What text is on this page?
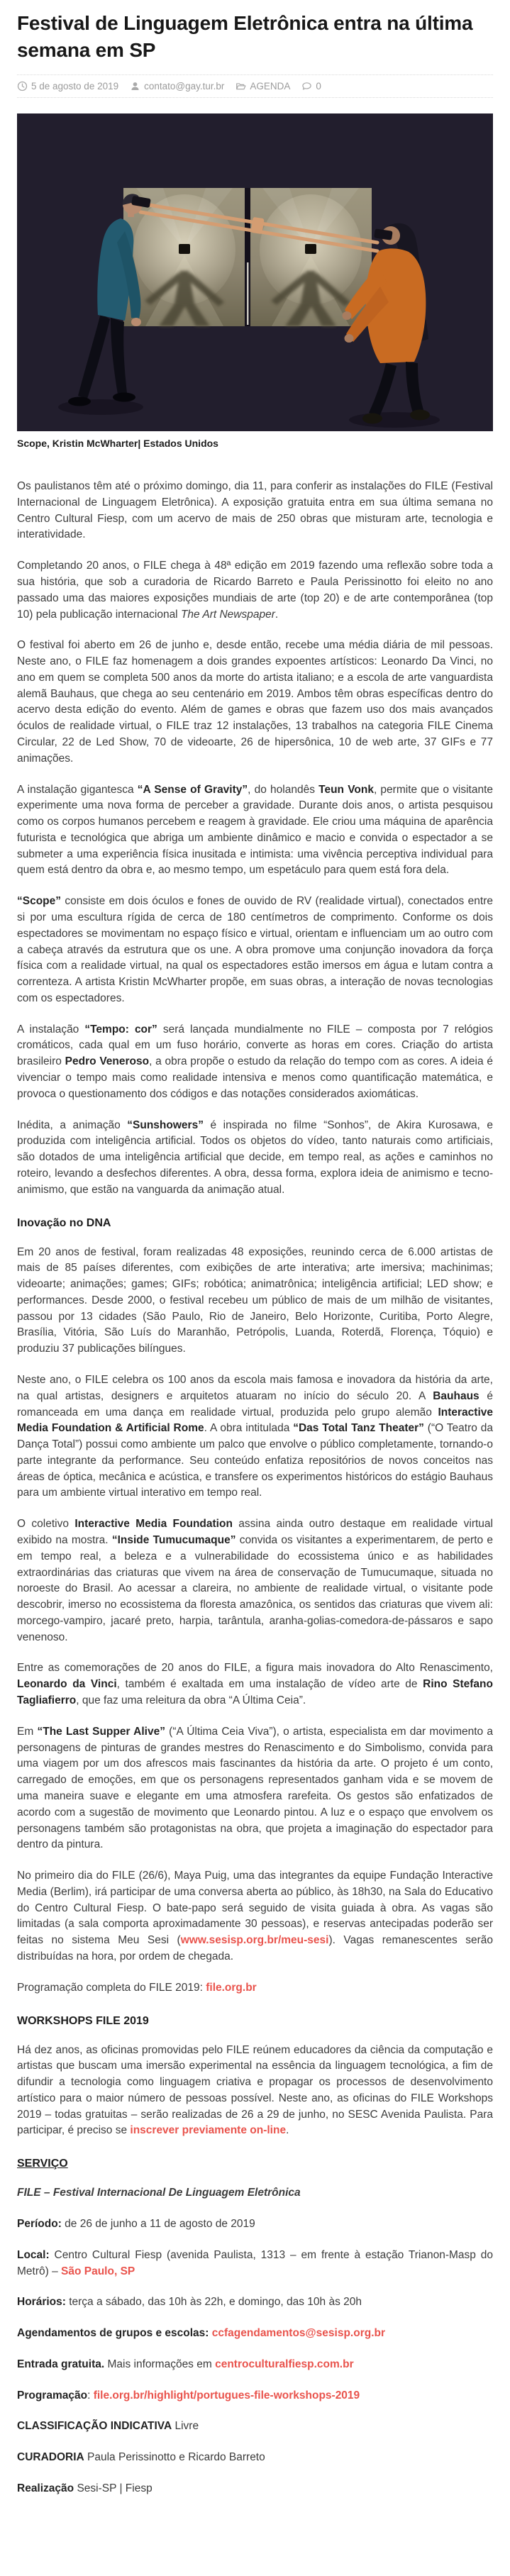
Festival de Linguagem Eletrônica entra na última semana em SP
5 de agosto de 2019	contato@gay.tur.br	AGENDA	0
Scope, Kristin McWharter| Estados Unidos

Os paulistanos têm até o próximo domingo, dia 11, para conferir as instalações do FILE (Festival Internacional de Linguagem Eletrônica). A exposição gratuita entra em sua última semana no Centro Cultural Fiesp, com um acervo de mais de 250 obras que misturam arte, tecnologia e interatividade.

Completando 20 anos, o FILE chega à 48ª edição em 2019 fazendo uma reflexão sobre toda a sua história, que sob a curadoria de Ricardo Barreto e Paula Perissinotto foi eleito no ano passado uma das maiores exposições mundiais de arte (top 20) e de arte contemporânea (top 10) pela publicação internacional The Art Newspaper.

O festival foi aberto em 26 de junho e, desde então, recebe uma média diária de mil pessoas. Neste ano, o FILE faz homenagem a dois grandes expoentes artísticos: Leonardo Da Vinci, no ano em quem se completa 500 anos da morte do artista italiano; e a escola de arte vanguardista alemã Bauhaus, que chega ao seu centenário em 2019. Ambos têm obras específicas dentro do acervo desta edição do evento. Além de games e obras que fazem uso dos mais avançados óculos de realidade virtual, o FILE traz 12 instalações, 13 trabalhos na categoria FILE Cinema Circular, 22 de Led Show, 70 de videoarte, 26 de hipersônica, 10 de web arte, 37 GIFs e 77 animações.

A instalação gigantesca “A Sense of Gravity”, do holandês Teun Vonk, permite que o visitante experimente uma nova forma de perceber a gravidade. Durante dois anos, o artista pesquisou como os corpos humanos percebem e reagem à gravidade. Ele criou uma máquina de aparência futurista e tecnológica que abriga um ambiente dinâmico e macio e convida o espectador a se submeter a uma experiência física inusitada e intimista: uma vivência perceptiva individual para quem está dentro da obra e, ao mesmo tempo, um espetáculo para quem está fora dela.

“Scope” consiste em dois óculos e fones de ouvido de RV (realidade virtual), conectados entre si por uma escultura rígida de cerca de 180 centímetros de comprimento. Conforme os dois espectadores se movimentam no espaço físico e virtual, orientam e influenciam um ao outro com a cabeça através da estrutura que os une. A obra promove uma conjunção inovadora da força física com a realidade virtual, na qual os espectadores estão imersos em água e lutam contra a correnteza. A artista Kristin McWharter propõe, em suas obras, a interação de novas tecnologias com os espectadores.

A instalação “Tempo: cor” será lançada mundialmente no FILE – composta por 7 relógios cromáticos, cada qual em um fuso horário, converte as horas em cores. Criação do artista brasileiro Pedro Veneroso, a obra propõe o estudo da relação do tempo com as cores. A ideia é vivenciar o tempo mais como realidade intensiva e menos como quantificação matemática, e provoca o questionamento dos códigos e das notações considerados axiomáticas.

Inédita, a animação “Sunshowers” é inspirada no filme “Sonhos”, de Akira Kurosawa, e produzida com inteligência artificial. Todos os objetos do vídeo, tanto naturais como artificiais, são dotados de uma inteligência artificial que decide, em tempo real, as ações e caminhos no roteiro, levando a desfechos diferentes. A obra, dessa forma, explora ideia de animismo e tecno-animismo, que estão na vanguarda da animação atual.

Inovação no DNA

Em 20 anos de festival, foram realizadas 48 exposições, reunindo cerca de 6.000 artistas de mais de 85 países diferentes, com exibições de arte interativa; arte imersiva; machinimas; videoarte; animações; games; GIFs; robótica; animatrônica; inteligência artificial; LED show; e performances. Desde 2000, o festival recebeu um público de mais de um milhão de visitantes, passou por 13 cidades (São Paulo, Rio de Janeiro, Belo Horizonte, Curitiba, Porto Alegre, Brasília, Vitória, São Luís do Maranhão, Petrópolis, Luanda, Roterdã, Florença, Tóquio) e produziu 37 publicações bilíngues.

Neste ano, o FILE celebra os 100 anos da escola mais famosa e inovadora da história da arte, na qual artistas, designers e arquitetos atuaram no início do século 20. A Bauhaus é romanceada em uma dança em realidade virtual, produzida pelo grupo alemão Interactive Media Foundation & Artificial Rome. A obra intitulada “Das Total Tanz Theater” (“O Teatro da Dança Total”) possui como ambiente um palco que envolve o público completamente, tornando-o parte integrante da performance. Seu conteúdo enfatiza repositórios de novos conceitos nas áreas de óptica, mecânica e acústica, e transfere os experimentos históricos do estágio Bauhaus para um ambiente virtual interativo em tempo real.

O coletivo Interactive Media Foundation assina ainda outro destaque em realidade virtual exibido na mostra. “Inside Tumucumaque” convida os visitantes a experimentarem, de perto e em tempo real, a beleza e a vulnerabilidade do ecossistema único e as habilidades extraordinárias das criaturas que vivem na área de conservação de Tumucumaque, situada no noroeste do Brasil. Ao acessar a clareira, no ambiente de realidade virtual, o visitante pode descobrir, imerso no ecossistema da floresta amazônica, os sentidos das criaturas que vivem ali: morcego-vampiro, jacaré preto, harpia, tarântula, aranha-golias-comedora-de-pássaros e sapo venenoso.

Entre as comemorações de 20 anos do FILE, a figura mais inovadora do Alto Renascimento, Leonardo da Vinci, também é exaltada em uma instalação de vídeo arte de Rino Stefano Tagliafierro, que faz uma releitura da obra “A Última Ceia”.

Em “The Last Supper Alive” (“A Última Ceia Viva”), o artista, especialista em dar movimento a personagens de pinturas de grandes mestres do Renascimento e do Simbolismo, convida para uma viagem por um dos afrescos mais fascinantes da história da arte. O projeto é um conto, carregado de emoções, em que os personagens representados ganham vida e se movem de uma maneira suave e elegante em uma atmosfera rarefeita. Os gestos são enfatizados de acordo com a sugestão de movimento que Leonardo pintou. A luz e o espaço que envolvem os personagens também são protagonistas na obra, que projeta a imaginação do espectador para dentro da pintura.

No primeiro dia do FILE (26/6), Maya Puig, uma das integrantes da equipe Fundação Interactive Media (Berlim), irá participar de uma conversa aberta ao público, às 18h30, na Sala do Educativo do Centro Cultural Fiesp. O bate-papo será seguido de visita guiada à obra. As vagas são limitadas (a sala comporta aproximadamente 30 pessoas), e reservas antecipadas poderão ser feitas no sistema Meu Sesi (www.sesisp.org.br/meu-sesi). Vagas remanescentes serão distribuídas na hora, por ordem de chegada.

Programação completa do FILE 2019: file.org.br

WORKSHOPS FILE 2019

Há dez anos, as oficinas promovidas pelo FILE reúnem educadores da ciência da computação e artistas que buscam uma imersão experimental na essência da linguagem tecnológica, a fim de difundir a tecnologia como linguagem criativa e propagar os processos de desenvolvimento artístico para o maior número de pessoas possível. Neste ano, as oficinas do FILE Workshops 2019 – todas gratuitas – serão realizadas de 26 a 29 de junho, no SESC Avenida Paulista. Para participar, é preciso se inscrever previamente on-line.

SERVIÇO

FILE – Festival Internacional De Linguagem Eletrônica

Período: de 26 de junho a 11 de agosto de 2019

Local: Centro Cultural Fiesp (avenida Paulista, 1313 – em frente à estação Trianon-Masp do Metrô) – São Paulo, SP

Horários: terça a sábado, das 10h às 22h, e domingo, das 10h às 20h

Agendamentos de grupos e escolas: ccfagendamentos@sesisp.org.br

Entrada gratuita. Mais informações em centroculturalfiesp.com.br

Programação: file.org.br/highlight/portugues-file-workshops-2019

CLASSIFICAÇÃO INDICATIVA Livre

CURADORIA Paula Perissinotto e Ricardo Barreto

Realização Sesi-SP | Fiesp
